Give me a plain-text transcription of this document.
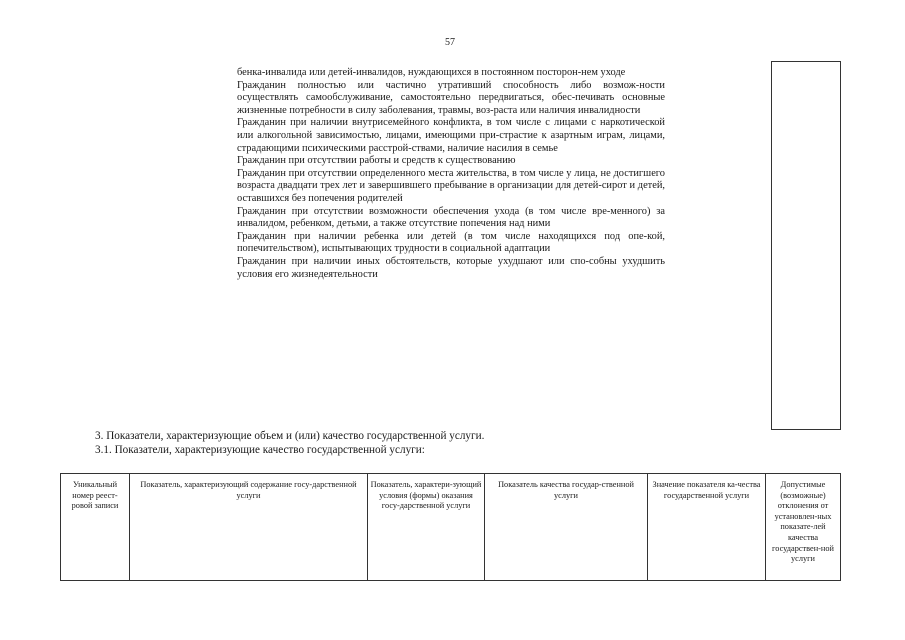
57

бенка-инвалида или детей-инвалидов, нуждающихся в постоянном посторон-нем уходе

Гражданин полностью или частично утративший способность либо возмож-ности осуществлять самообслуживание, самостоятельно передвигаться, обес-печивать основные жизненные потребности в силу заболевания, травмы, воз-раста или наличия инвалидности

Гражданин при наличии внутрисемейного конфликта, в том числе с лицами с наркотической или алкогольной зависимостью, лицами, имеющими при-страстие к азартным играм, лицами, страдающими психическими расстрой-ствами, наличие насилия в семье

Гражданин при отсутствии работы и средств к существованию

Гражданин при отсутствии определенного места жительства, в том числе у лица, не достигшего возраста двадцати трех лет и завершившего пребывание в организации для детей-сирот и детей, оставшихся без попечения родителей

Гражданин при отсутствии возможности обеспечения ухода (в том числе вре-менного) за инвалидом, ребенком, детьми, а также отсутствие попечения над ними

Гражданин при наличии ребенка или детей (в том числе находящихся под опе-кой, попечительством), испытывающих трудности в социальной адаптации

Гражданин при наличии иных обстоятельств, которые ухудшают или спо-собны ухудшить условия его жизнедеятельности

3. Показатели, характеризующие объем и (или) качество государственной услуги.
3.1. Показатели, характеризующие качество государственной услуги:
Уникальный номер реест-ровой записи	Показатель, характеризующий содержание госу-дарственной услуги	Показатель, характери-зующий условия (формы) оказания госу-дарственной услуги	Показатель качества государ-ственной услуги	Значение показателя ка-чества государственной услуги	Допустимые (возможные) отклонения от установлен-ных показате-лей качества государствен-ной услуги
